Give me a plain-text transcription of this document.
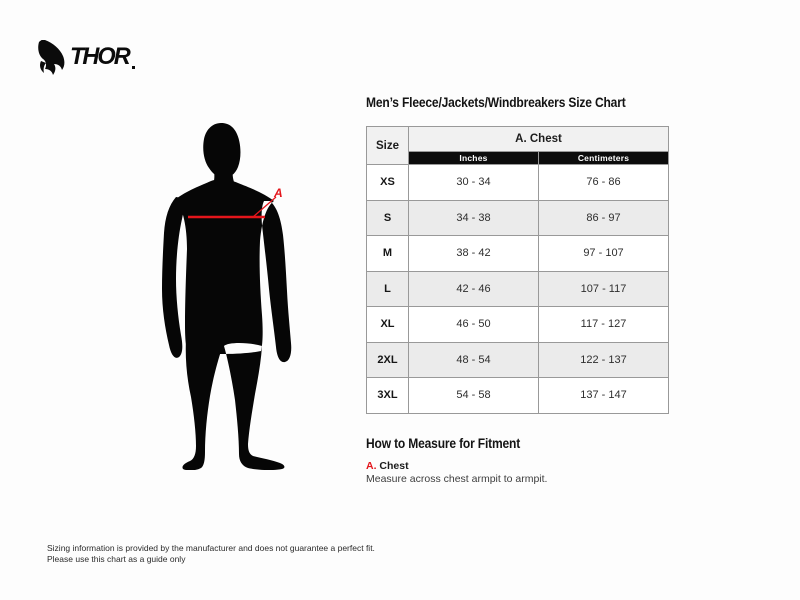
THOR
A
Men’s Fleece/Jackets/Windbreakers Size Chart
Size	A. Chest	
	Inches	Centimeters
XS	30 - 34	76 - 86
S	34 - 38	86 - 97
M	38 - 42	97 - 107
L	42 - 46	107 - 117
XL	46 - 50	117 - 127
2XL	48 - 54	122 - 137
3XL	54 - 58	137 - 147
How to Measure for Fitment
A. Chest
Measure across chest armpit to armpit.
Sizing information is provided by the manufacturer and does not guarantee a perfect fit.
Please use this chart as a guide only
